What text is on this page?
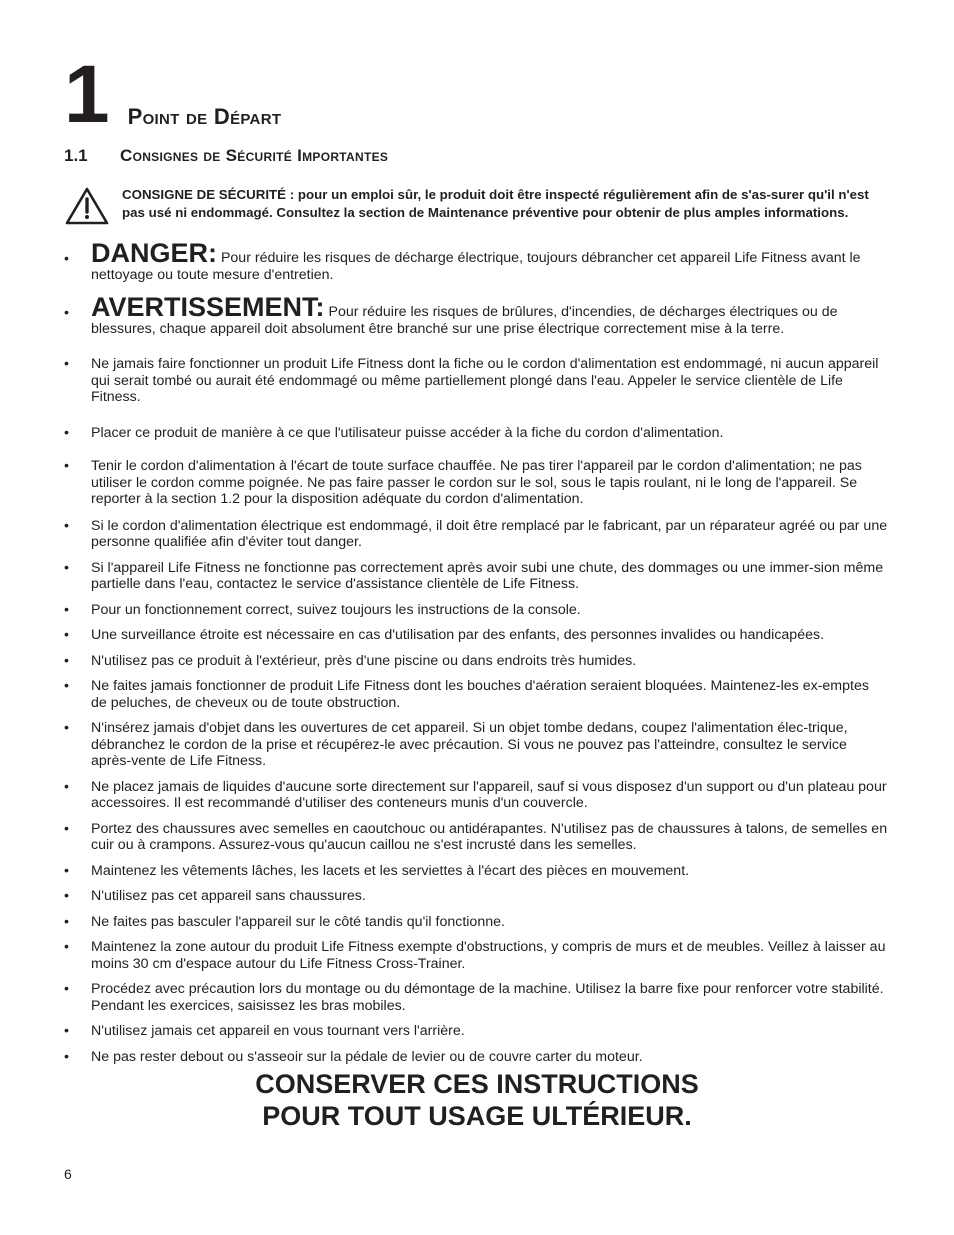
1 Point de Départ
1.1	Consignes de Sécurité Importantes
CONSIGNE DE SÉCURITÉ : pour un emploi sûr, le produit doit être inspecté régulièrement afin de s'as-surer qu'il n'est pas usé ni endommagé. Consultez la section de Maintenance préventive pour obtenir de plus amples informations.
• DANGER: Pour réduire les risques de décharge électrique, toujours débrancher cet appareil Life Fitness avant le nettoyage ou toute mesure d'entretien.
• AVERTISSEMENT: Pour réduire les risques de brûlures, d'incendies, de décharges électriques ou de blessures, chaque appareil doit absolument être branché sur une prise électrique correctement mise à la terre.
•	Ne jamais faire fonctionner un produit Life Fitness dont la fiche ou le cordon d'alimentation est endommagé, ni aucun appareil qui serait tombé ou aurait été endommagé ou même partiellement plongé dans l'eau. Appeler le service clientèle de Life Fitness.
•	Placer ce produit de manière à ce que l'utilisateur puisse accéder à la fiche du cordon d'alimentation.
•	Tenir le cordon d'alimentation à l'écart de toute surface chauffée. Ne pas tirer l'appareil par le cordon d'alimentation; ne pas utiliser le cordon comme poignée. Ne pas faire passer le cordon sur le sol, sous le tapis roulant, ni le long de l'appareil. Se reporter à la section 1.2 pour la disposition adéquate du cordon d'alimentation.
•	Si le cordon d'alimentation électrique est endommagé, il doit être remplacé par le fabricant, par un réparateur agréé ou par une personne qualifiée afin d'éviter tout danger.
•	Si l'appareil Life Fitness ne fonctionne pas correctement après avoir subi une chute, des dommages ou une immer-sion même partielle dans l'eau, contactez le service d'assistance clientèle de Life Fitness.
•	Pour un fonctionnement correct, suivez toujours les instructions de la console.
•	Une surveillance étroite est nécessaire en cas d'utilisation par des enfants, des personnes invalides ou handicapées.
•	N'utilisez pas ce produit à l'extérieur, près d'une piscine ou dans endroits très humides.
•	Ne faites jamais fonctionner de produit Life Fitness dont les bouches d'aération seraient bloquées. Maintenez-les ex-emptes de peluches, de cheveux ou de toute obstruction.
•	N'insérez jamais d'objet dans les ouvertures de cet appareil. Si un objet tombe dedans, coupez l'alimentation élec-trique, débranchez le cordon de la prise et récupérez-le avec précaution. Si vous ne pouvez pas l'atteindre, consultez le service après-vente de Life Fitness.
•	Ne placez jamais de liquides d'aucune sorte directement sur l'appareil, sauf si vous disposez d'un support ou d'un plateau pour accessoires. Il est recommandé d'utiliser des conteneurs munis d'un couvercle.
•	Portez des chaussures avec semelles en caoutchouc ou antidérapantes. N'utilisez pas de chaussures à talons, de semelles en cuir ou à crampons. Assurez-vous qu'aucun caillou ne s'est incrusté dans les semelles.
•	Maintenez les vêtements lâches, les lacets et les serviettes à l'écart des pièces en mouvement.
•	N'utilisez pas cet appareil sans chaussures.
•	Ne faites pas basculer l'appareil sur le côté tandis qu'il fonctionne.
•	Maintenez la zone autour du produit Life Fitness exempte d'obstructions, y compris de murs et de meubles. Veillez à laisser au moins 30 cm d'espace autour du Life Fitness Cross-Trainer.
•	Procédez avec précaution lors du montage ou du démontage de la machine. Utilisez la barre fixe pour renforcer votre stabilité. Pendant les exercices, saisissez les bras mobiles.
•	N'utilisez jamais cet appareil en vous tournant vers l'arrière.
•	Ne pas rester debout ou s'asseoir sur la pédale de levier ou de couvre carter du moteur.
CONSERVER CES INSTRUCTIONS
POUR TOUT USAGE ULTÉRIEUR.
6
